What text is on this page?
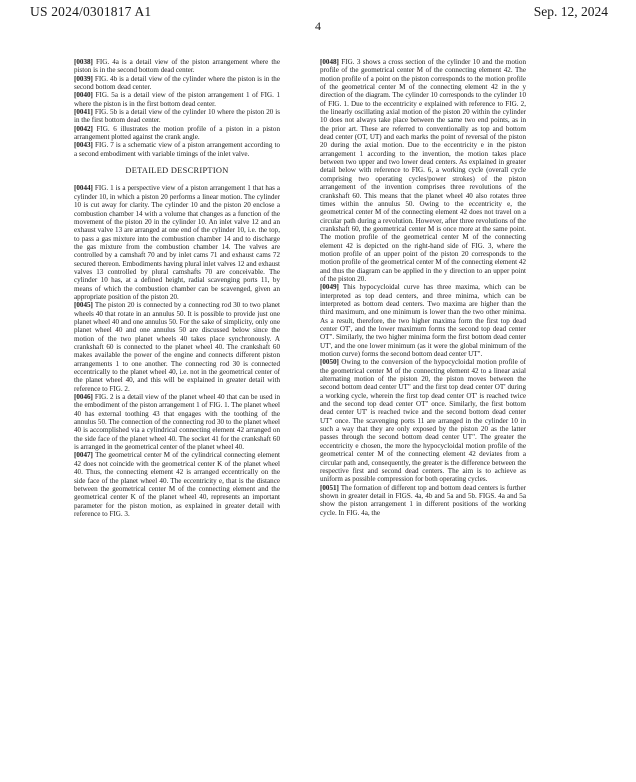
US 2024/0301817 A1	Sep. 12, 2024
4

[0038] FIG. 4a is a detail view of the piston arrangement where the piston is in the second bottom dead center.

[0039] FIG. 4b is a detail view of the cylinder where the piston is in the second bottom dead center.

[0040] FIG. 5a is a detail view of the piston arrangement 1 of FIG. 1 where the piston is in the first bottom dead center.

[0041] FIG. 5b is a detail view of the cylinder 10 where the piston 20 is in the first bottom dead center.

[0042] FIG. 6 illustrates the motion profile of a piston in a piston arrangement plotted against the crank angle.

[0043] FIG. 7 is a schematic view of a piston arrangement according to a second embodiment with variable timings of the inlet valve.

DETAILED DESCRIPTION

[0044] FIG. 1 is a perspective view of a piston arrangement 1 that has a cylinder 10, in which a piston 20 performs a linear motion. The cylinder 10 is cut away for clarity. The cylinder 10 and the piston 20 enclose a combustion chamber 14 with a volume that changes as a function of the movement of the piston 20 in the cylinder 10. An inlet valve 12 and an exhaust valve 13 are arranged at one end of the cylinder 10, i.e. the top, to pass a gas mixture into the combustion chamber 14 and to discharge the gas mixture from the combustion chamber 14. The valves are controlled by a camshaft 70 and by inlet cams 71 and exhaust cams 72 secured thereon. Embodiments having plural inlet valves 12 and exhaust valves 13 controlled by plural camshafts 70 are conceivable. The cylinder 10 has, at a defined height, radial scavenging ports 11, by means of which the combustion chamber can be scavenged, given an appropriate position of the piston 20.

[0045] The piston 20 is connected by a connecting rod 30 to two planet wheels 40 that rotate in an annulus 50. It is possible to provide just one planet wheel 40 and one annulus 50. For the sake of simplicity, only one planet wheel 40 and one annulus 50 are discussed below since the motion of the two planet wheels 40 takes place synchronously. A crankshaft 60 is connected to the planet wheel 40. The crankshaft 60 makes available the power of the engine and connects different piston arrangements 1 to one another. The connecting rod 30 is connected eccentrically to the planet wheel 40, i.e. not in the geometrical center of the planet wheel 40, and this will be explained in greater detail with reference to FIG. 2.

[0046] FIG. 2 is a detail view of the planet wheel 40 that can be used in the embodiment of the piston arrangement 1 of FIG. 1. The planet wheel 40 has external toothing 43 that engages with the toothing of the annulus 50. The connection of the connecting rod 30 to the planet wheel 40 is accomplished via a cylindrical connecting element 42 arranged on the side face of the planet wheel 40. The socket 41 for the crankshaft 60 is arranged in the geometrical center of the planet wheel 40.

[0047] The geometrical center M of the cylindrical connecting element 42 does not coincide with the geometrical center K of the planet wheel 40. Thus, the connecting element 42 is arranged eccentrically on the side face of the planet wheel 40. The eccentricity e, that is the distance between the geometrical center M of the connecting element and the geometrical center K of the planet wheel 40, represents an important parameter for the piston motion, as explained in greater detail with reference to FIG. 3.

[0048] FIG. 3 shows a cross section of the cylinder 10 and the motion profile of the geometrical center M of the connecting element 42. The motion profile of a point on the piston corresponds to the motion profile of the geometrical center M of the connecting element 42 in the y direction of the diagram. The cylinder 10 corresponds to the cylinder 10 of FIG. 1. Due to the eccentricity e explained with reference to FIG. 2, the linearly oscillating axial motion of the piston 20 within the cylinder 10 does not always take place between the same two end points, as in the prior art. These are referred to conventionally as top and bottom dead center (OT, UT) and each marks the point of reversal of the piston 20 during the axial motion. Due to the eccentricity e in the piston arrangement 1 according to the invention, the motion takes place between two upper and two lower dead centers. As explained in greater detail below with reference to FIG. 6, a working cycle (overall cycle comprising two operating cycles/power strokes) of the piston arrangement of the invention comprises three revolutions of the crankshaft 60. This means that the planet wheel 40 also rotates three times within the annulus 50. Owing to the eccentricity e, the geometrical center M of the connecting element 42 does not travel on a circular path during a revolution. However, after three revolutions of the crankshaft 60, the geometrical center M is once more at the same point. The motion profile of the geometrical center M of the connecting element 42 is depicted on the right-hand side of FIG. 3, where the motion profile of an upper point of the piston 20 corresponds to the motion profile of the geometrical center M of the connecting element 42 and thus the diagram can be applied in the y direction to an upper point of the piston 20.

[0049] This hypocycloidal curve has three maxima, which can be interpreted as top dead centers, and three minima, which can be interpreted as bottom dead centers. Two maxima are higher than the third maximum, and one minimum is lower than the two other minima. As a result, therefore, the two higher maxima form the first top dead center OT', and the lower maximum forms the second top dead center OT". Similarly, the two higher minima form the first bottom dead center UT', and the one lower minimum (as it were the global minimum of the motion curve) forms the second bottom dead center UT".

[0050] Owing to the conversion of the hypocycloidal motion profile of the geometrical center M of the connecting element 42 to a linear axial alternating motion of the piston 20, the piston moves between the second bottom dead center UT" and the first top dead center OT' during a working cycle, wherein the first top dead center OT' is reached twice and the second top dead center OT" once. Similarly, the first bottom dead center UT' is reached twice and the second bottom dead center UT" once. The scavenging ports 11 are arranged in the cylinder 10 in such a way that they are only exposed by the piston 20 as the latter passes through the second bottom dead center UT". The greater the eccentricity e chosen, the more the hypocycloidal motion profile of the geometrical center M of the connecting element 42 deviates from a circular path and, consequently, the greater is the difference between the respective first and second dead centers. The aim is to achieve as uniform as possible compression for both operating cycles.

[0051] The formation of different top and bottom dead centers is further shown in greater detail in FIGS. 4a, 4b and 5a and 5b. FIGS. 4a and 5a show the piston arrangement 1 in different positions of the working cycle. In FIG. 4a, the
